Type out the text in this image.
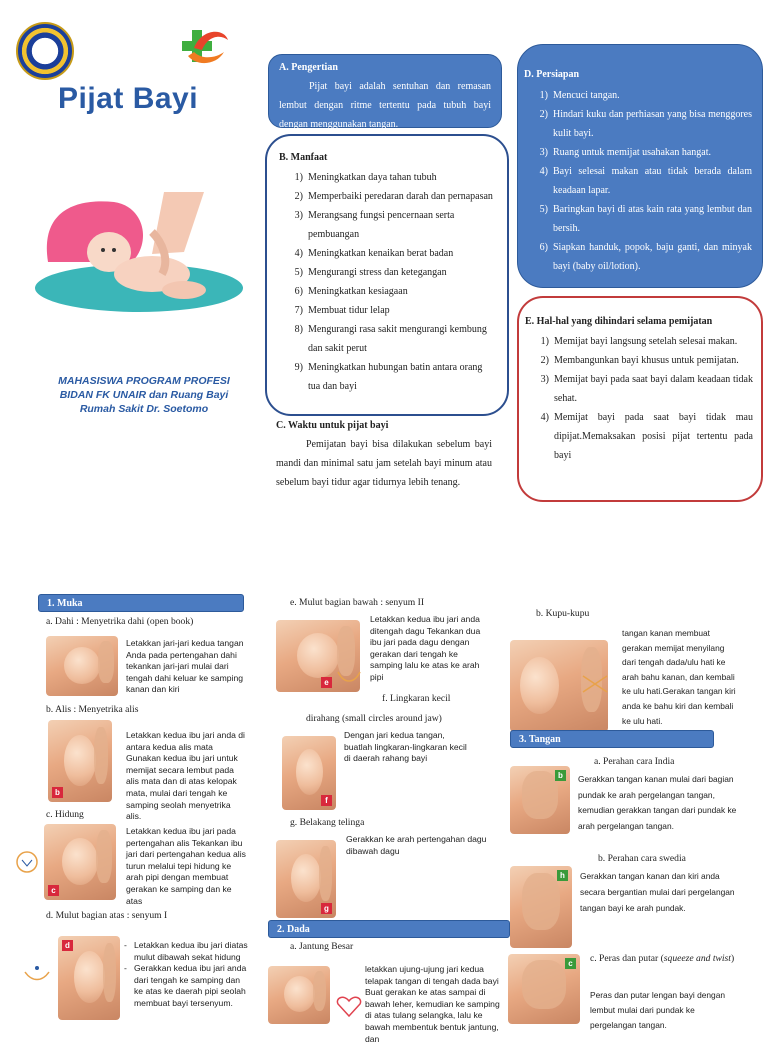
Pijat Bayi
MAHASISWA PROGRAM PROFESI
BIDAN FK UNAIR dan Ruang Bayi
Rumah Sakit Dr. Soetomo
A. Pengertian
Pijat bayi adalah sentuhan dan remasan lembut dengan ritme tertentu pada tubuh bayi dengan menggunakan tangan.
B. Manfaat
1) Meningkatkan daya tahan tubuh
2) Memperbaiki peredaran darah dan pernapasan
3) Merangsang fungsi pencernaan serta pembuangan
4) Meningkatkan kenaikan berat badan
5) Mengurangi stress dan ketegangan
6) Meningkatkan kesiagaan
7) Membuat tidur lelap
8) Mengurangi rasa sakit mengurangi kembung dan sakit perut
9) Meningkatkan hubungan batin antara orang tua dan bayi
C. Waktu untuk pijat bayi
Pemijatan bayi bisa dilakukan sebelum bayi mandi dan minimal satu jam setelah bayi minum atau sebelum bayi tidur agar tidurnya lebih tenang.
D. Persiapan
1) Mencuci tangan.
2) Hindari kuku dan perhiasan yang bisa menggores kulit bayi.
3) Ruang untuk memijat usahakan hangat.
4) Bayi selesai makan atau tidak berada dalam keadaan lapar.
5) Baringkan bayi di atas kain rata yang lembut dan bersih.
6) Siapkan handuk, popok, baju ganti, dan minyak bayi (baby oil/lotion).
E. Hal-hal yang dihindari selama pemijatan
1) Memijat bayi langsung setelah selesai makan.
2) Membangunkan bayi khusus untuk pemijatan.
3) Memijat bayi pada saat bayi dalam keadaan tidak sehat.
4) Memijat bayi pada saat bayi tidak mau dipijat.Memaksakan posisi pijat tertentu pada bayi
1. Muka
a. Dahi : Menyetrika dahi (open book)
Letakkan jari-jari kedua tangan Anda pada pertengahan dahi tekankan jari-jari mulai dari tengah dahi keluar ke samping kanan dan kiri
b. Alis : Menyetrika alis
b
Letakkan kedua ibu jari anda di antara kedua alis mata Gunakan kedua ibu jari untuk memijat secara lembut pada alis mata dan di atas kelopak mata, mulai dari tengah ke samping seolah menyetrika alis.
c. Hidung
c
Letakkan kedua ibu jari pada pertengahan alis Tekankan ibu jari dari pertengahan kedua alis turun melalui tepi hidung ke arah pipi dengan membuat gerakan ke samping dan ke atas
d. Mulut bagian atas : senyum I
d	- Letakkan kedua ibu jari diatas mulut dibawah sekat hidung
- Gerakkan kedua ibu jari anda dari tengah ke samping dan ke atas ke daerah pipi seolah membuat bayi tersenyum.
e. Mulut bagian bawah : senyum II
e
Letakkan kedua ibu jari anda ditengah dagu Tekankan dua ibu jari pada dagu dengan gerakan dari tengah ke samping lalu ke atas ke arah pipi
f. Lingkaran kecil
dirahang (small circles around jaw)
f
Dengan jari kedua tangan, buatlah lingkaran-lingkaran kecil di daerah rahang bayi
g. Belakang telinga
g
Gerakkan ke arah pertengahan dagu dibawah dagu
2. Dada
a. Jantung Besar
letakkan ujung-ujung jari kedua telapak tangan di tengah dada bayi Buat gerakan ke atas sampai di bawah leher, kemudian ke samping di atas tulang selangka, lalu ke bawah membentuk bentuk jantung, dan
b. Kupu-kupu
tangan kanan membuat gerakan memijat menyilang dari tengah dada/ulu hati ke arah bahu kanan, dan kembali ke ulu hati.Gerakan tangan kiri anda ke bahu kiri dan kembali ke ulu hati.
3. Tangan
a. Perahan cara India
b	Gerakkan tangan kanan mulai dari bagian pundak ke arah pergelangan tangan, kemudian gerakkan tangan dari pundak ke arah pergelangan tangan.
b. Perahan cara swedia
h	Gerakkan tangan kanan dan kiri anda secara bergantian mulai dari pergelangan tangan bayi ke arah pundak.
c. Peras dan putar (squeeze and twist)
c
Peras dan putar lengan bayi dengan lembut mulai dari pundak ke pergelangan tangan.
